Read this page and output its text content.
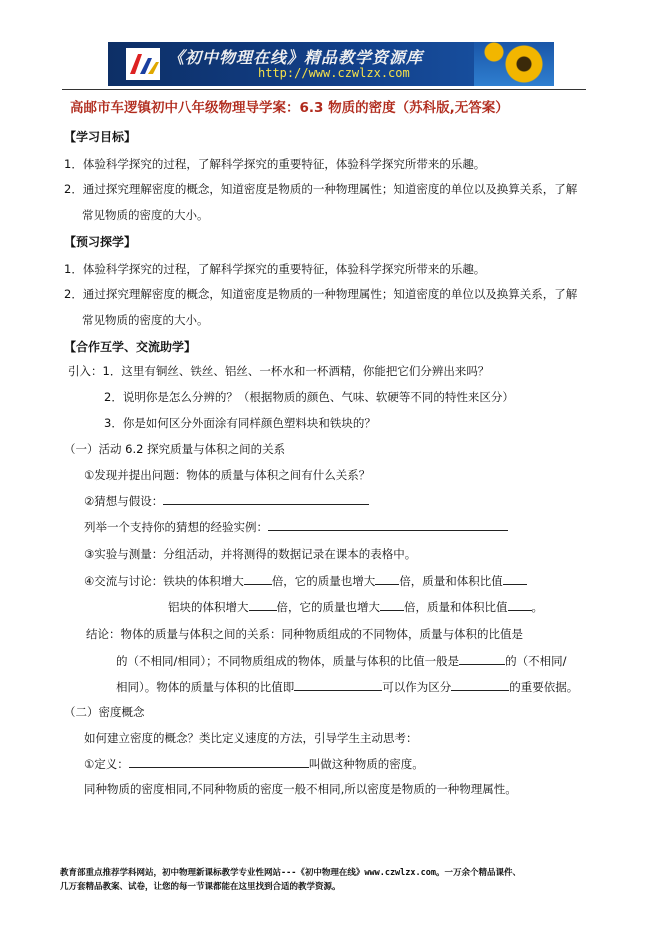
《初中物理在线》精品教学资源库
http://www.czwlzx.com
高邮市车逻镇初中八年级物理导学案：6.3 物质的密度（苏科版,无答案）
【学习目标】
1．体验科学探究的过程，了解科学探究的重要特征，体验科学探究所带来的乐趣。
2．通过探究理解密度的概念，知道密度是物质的一种物理属性；知道密度的单位以及换算关系，了解
常见物质的密度的大小。
【预习探学】
1．体验科学探究的过程，了解科学探究的重要特征，体验科学探究所带来的乐趣。
2．通过探究理解密度的概念，知道密度是物质的一种物理属性；知道密度的单位以及换算关系，了解
常见物质的密度的大小。
【合作互学、交流助学】
引入：1．这里有铜丝、铁丝、铝丝、一杯水和一杯酒精，你能把它们分辨出来吗？
2．说明你是怎么分辨的？（根据物质的颜色、气味、软硬等不同的特性来区分）
3．你是如何区分外面涂有同样颜色塑料块和铁块的？
（一）活动 6.2 探究质量与体积之间的关系
①发现并提出问题：物体的质量与体积之间有什么关系？
②猜想与假设：
列举一个支持你的猜想的经验实例：
③实验与测量：分组活动，并将测得的数据记录在课本的表格中。
④交流与讨论：铁块的体积增大 倍，它的质量也增大 倍，质量和体积比值
铝块的体积增大 倍，它的质量也增大 倍，质量和体积比值 。
结论：物体的质量与体积之间的关系：同种物质组成的不同物体，质量与体积的比值是
的（不相同/相同）；不同物质组成的物体，质量与体积的比值一般是	的（不相同/
相同）。物体的质量与体积的比值即	可以作为区分	的重要依据。
（二）密度概念
如何建立密度的概念？类比定义速度的方法，引导学生主动思考：
①定义：	叫做这种物质的密度。
同种物质的密度相同,不同种物质的密度一般不相同,所以密度是物质的一种物理属性。
教育部重点推荐学科网站，初中物理新课标教学专业性网站---《初中物理在线》www.czwlzx.com。一万余个精品课件、
几万套精品教案、试卷，让您的每一节课都能在这里找到合适的教学资源。
